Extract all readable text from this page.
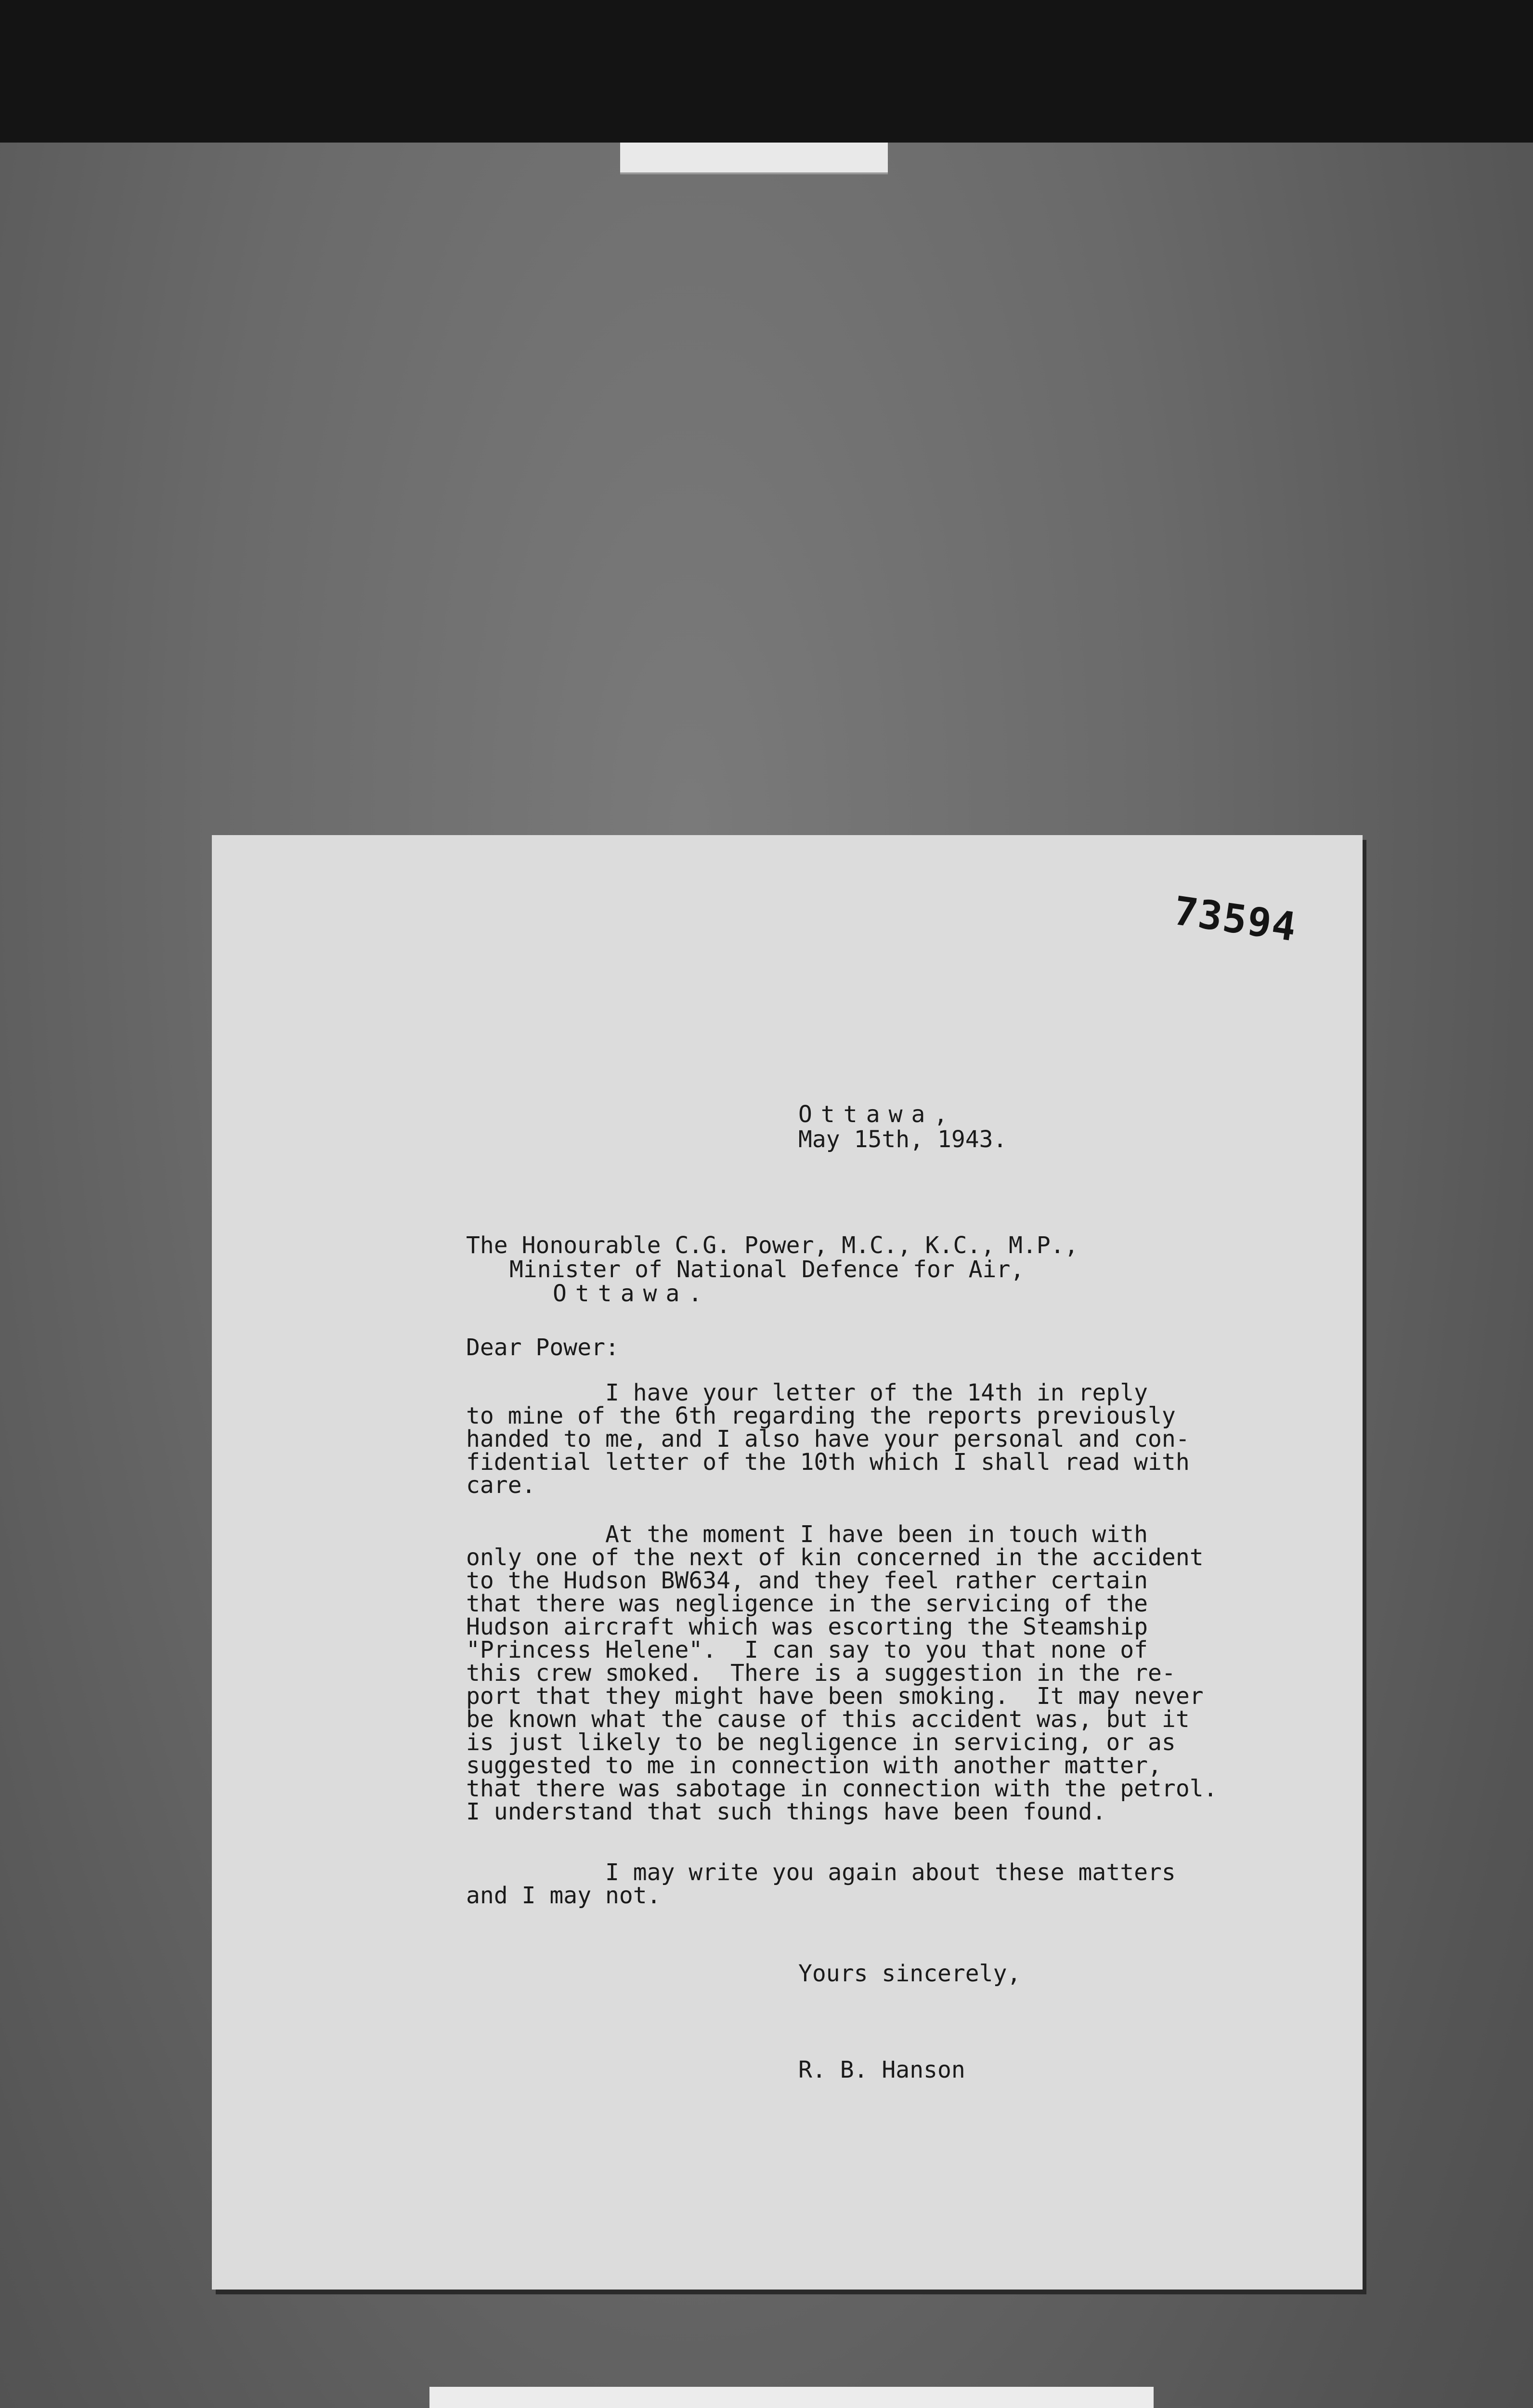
73594

Ottawa,

May 15th, 1943.

The Honourable C.G. Power, M.C., K.C., M.P.,

Minister of National Defence for Air,

Ottawa.

Dear Power:

I have your letter of the 14th in reply
to mine of the 6th regarding the reports previously
handed to me, and I also have your personal and con-
fidential letter of the 10th which I shall read with
care.

At the moment I have been in touch with
only one of the next of kin concerned in the accident
to the Hudson BW634, and they feel rather certain
that there was negligence in the servicing of the
Hudson aircraft which was escorting the Steamship
"Princess Helene".  I can say to you that none of
this crew smoked.  There is a suggestion in the re-
port that they might have been smoking.  It may never
be known what the cause of this accident was, but it
is just likely to be negligence in servicing, or as
suggested to me in connection with another matter,
that there was sabotage in connection with the petrol.
I understand that such things have been found.

I may write you again about these matters
and I may not.

Yours sincerely,

R. B. Hanson
